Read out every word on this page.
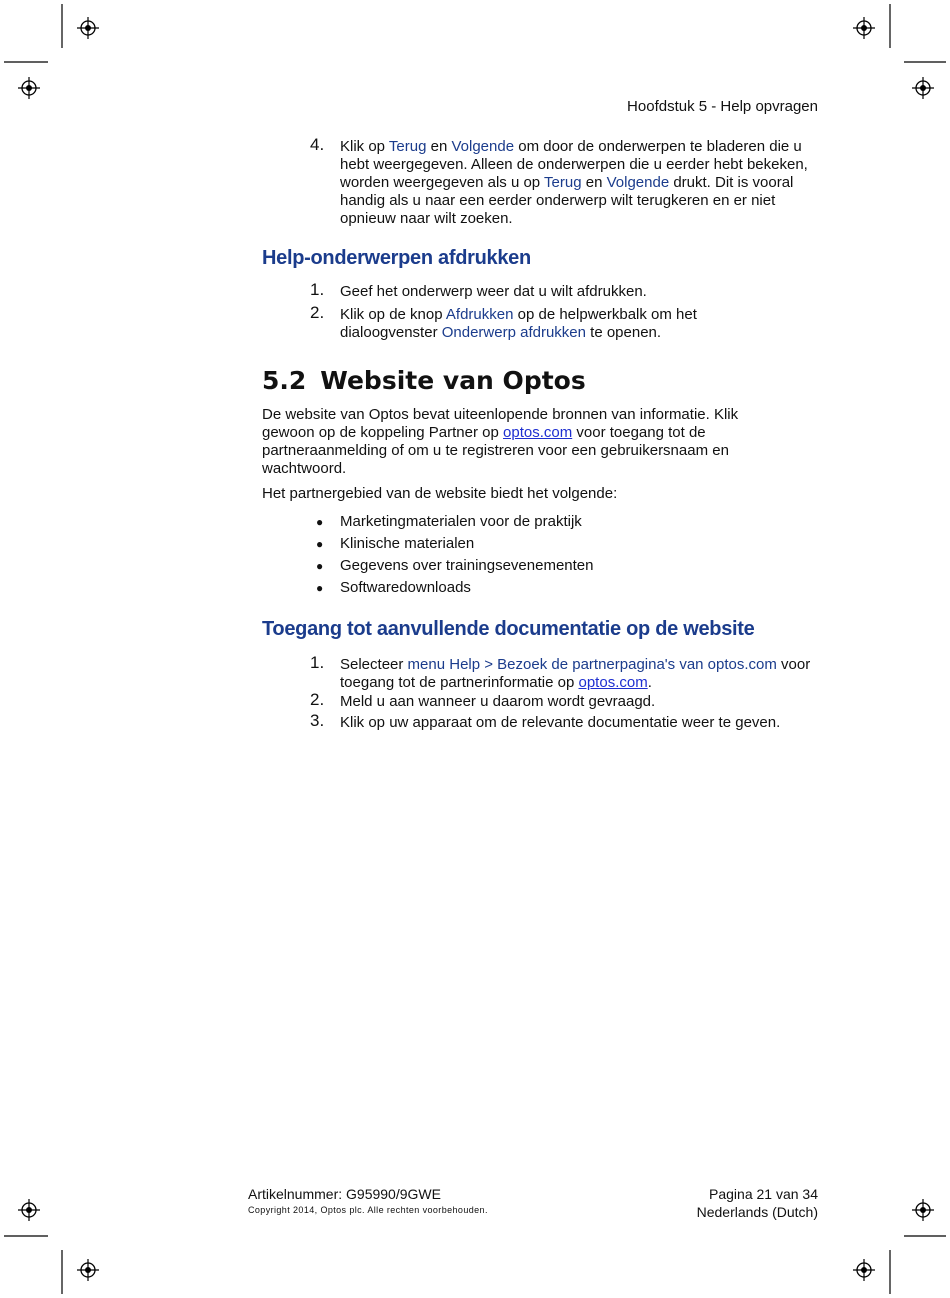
Hoofdstuk 5 - Help opvragen
4. Klik op Terug en Volgende om door de onderwerpen te bladeren die u hebt weergegeven. Alleen de onderwerpen die u eerder hebt bekeken, worden weergegeven als u op Terug en Volgende drukt. Dit is vooral handig als u naar een eerder onderwerp wilt terugkeren en er niet opnieuw naar wilt zoeken.
Help-onderwerpen afdrukken
1. Geef het onderwerp weer dat u wilt afdrukken.
2. Klik op de knop Afdrukken op de helpwerkbalk om het dialoogvenster Onderwerp afdrukken te openen.
5.2 Website van Optos
De website van Optos bevat uiteenlopende bronnen van informatie. Klik gewoon op de koppeling Partner op optos.com voor toegang tot de partneraanmelding of om u te registreren voor een gebruikersnaam en wachtwoord.
Het partnergebied van de website biedt het volgende:
● Marketingmaterialen voor de praktijk
● Klinische materialen
● Gegevens over trainingsevenementen
● Softwaredownloads
Toegang tot aanvullende documentatie op de website
1. Selecteer menu Help > Bezoek de partnerpagina's van optos.com voor toegang tot de partnerinformatie op optos.com.
2. Meld u aan wanneer u daarom wordt gevraagd.
3. Klik op uw apparaat om de relevante documentatie weer te geven.
Artikelnummer: G95990/9GWE
Copyright 2014, Optos plc. Alle rechten voorbehouden.
Pagina 21 van 34
Nederlands (Dutch)
